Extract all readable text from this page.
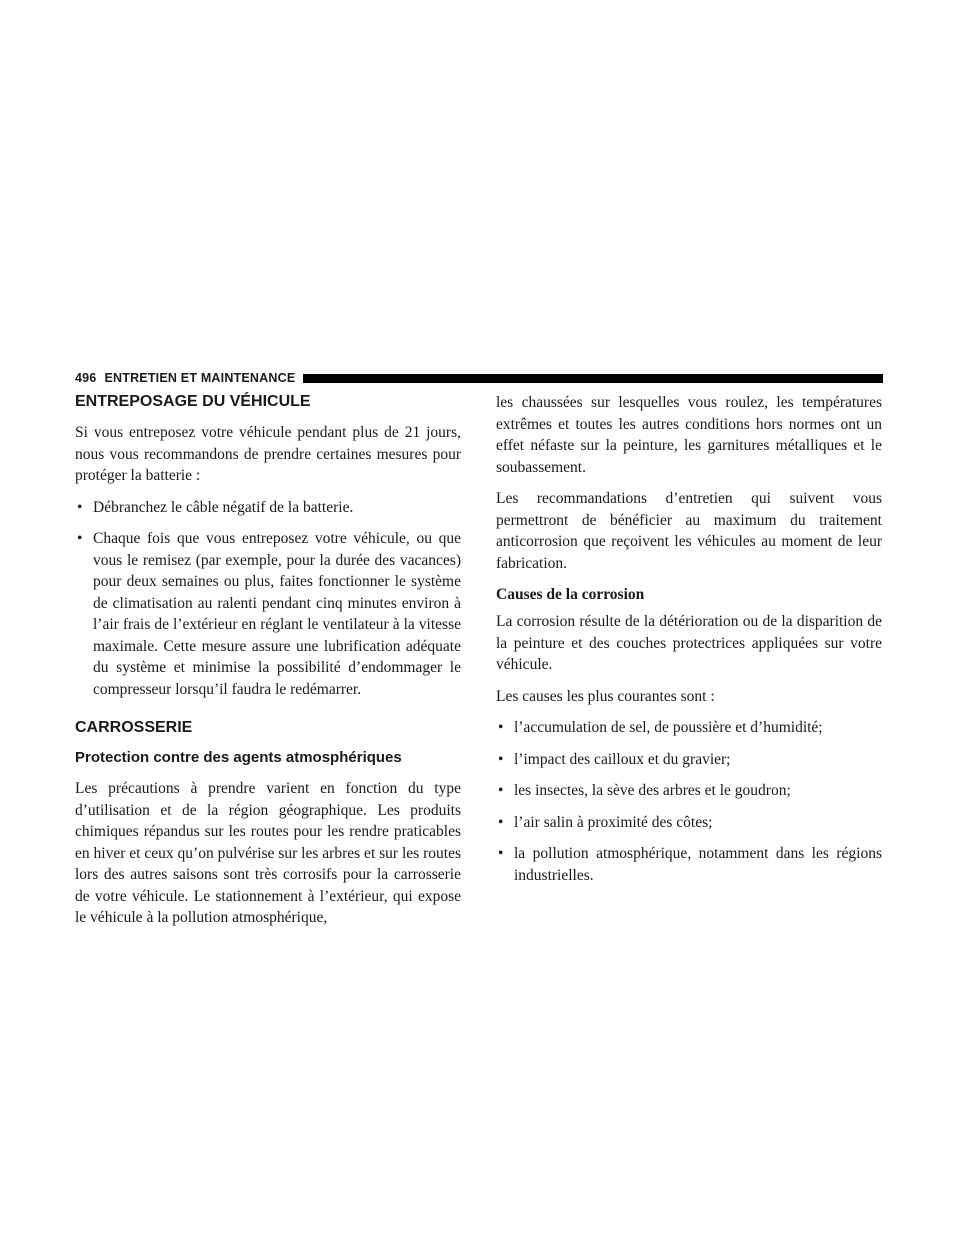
496 ENTRETIEN ET MAINTENANCE
ENTREPOSAGE DU VÉHICULE

Si vous entreposez votre véhicule pendant plus de 21 jours, nous vous recommandons de prendre certaines mesures pour protéger la batterie :

• Débranchez le câble négatif de la batterie.
• Chaque fois que vous entreposez votre véhicule, ou que vous le remisez (par exemple, pour la durée des vacances) pour deux semaines ou plus, faites fonctionner le système de climatisation au ralenti pendant cinq minutes environ à l’air frais de l’extérieur en réglant le ventilateur à la vitesse maximale. Cette mesure assure une lubrification adéquate du système et minimise la possibilité d’endommager le compresseur lorsqu’il faudra le redémarrer.
CARROSSERIE
Protection contre des agents atmosphériques

Les précautions à prendre varient en fonction du type d’utilisation et de la région géographique. Les produits chimiques répandus sur les routes pour les rendre praticables en hiver et ceux qu’on pulvérise sur les arbres et sur les routes lors des autres saisons sont très corrosifs pour la carrosserie de votre véhicule. Le stationnement à l’extérieur, qui expose le véhicule à la pollution atmosphérique,

les chaussées sur lesquelles vous roulez, les températures extrêmes et toutes les autres conditions hors normes ont un effet néfaste sur la peinture, les garnitures métalliques et le soubassement.

Les recommandations d’entretien qui suivent vous permettront de bénéficier au maximum du traitement anticorrosion que reçoivent les véhicules au moment de leur fabrication.

Causes de la corrosion

La corrosion résulte de la détérioration ou de la disparition de la peinture et des couches protectrices appliquées sur votre véhicule.

Les causes les plus courantes sont :

• l’accumulation de sel, de poussière et d’humidité;
• l’impact des cailloux et du gravier;
• les insectes, la sève des arbres et le goudron;
• l’air salin à proximité des côtes;
• la pollution atmosphérique, notamment dans les régions industrielles.
